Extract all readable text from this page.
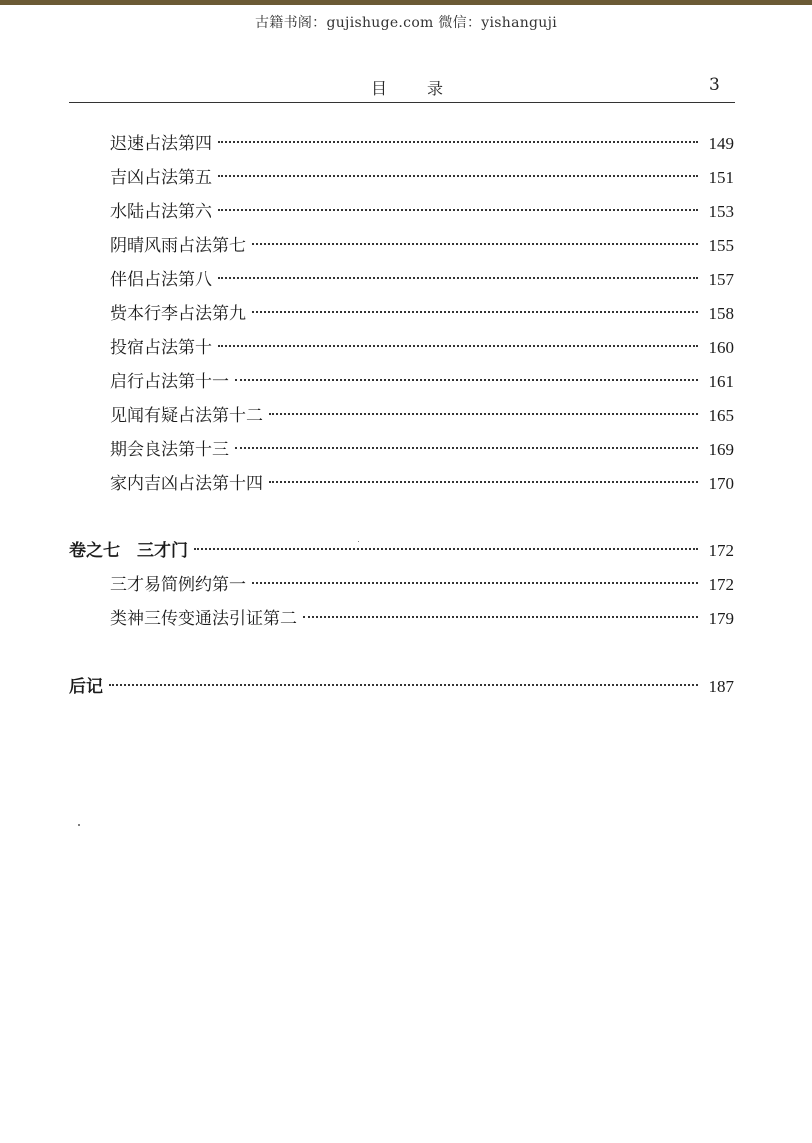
古籍书阁：gujishuge.com 微信：yishanguji
目录	3
迟速占法第四	149
吉凶占法第五	151
水陆占法第六	153
阴晴风雨占法第七	155
伴侣占法第八	157
赀本行李占法第九	158
投宿占法第十	160
启行占法第十一	161
见闻有疑占法第十二	165
期会良法第十三	169
家内吉凶占法第十四	170
卷之七　三才门	172
三才易简例约第一	172
类神三传变通法引证第二	179
后记	187
